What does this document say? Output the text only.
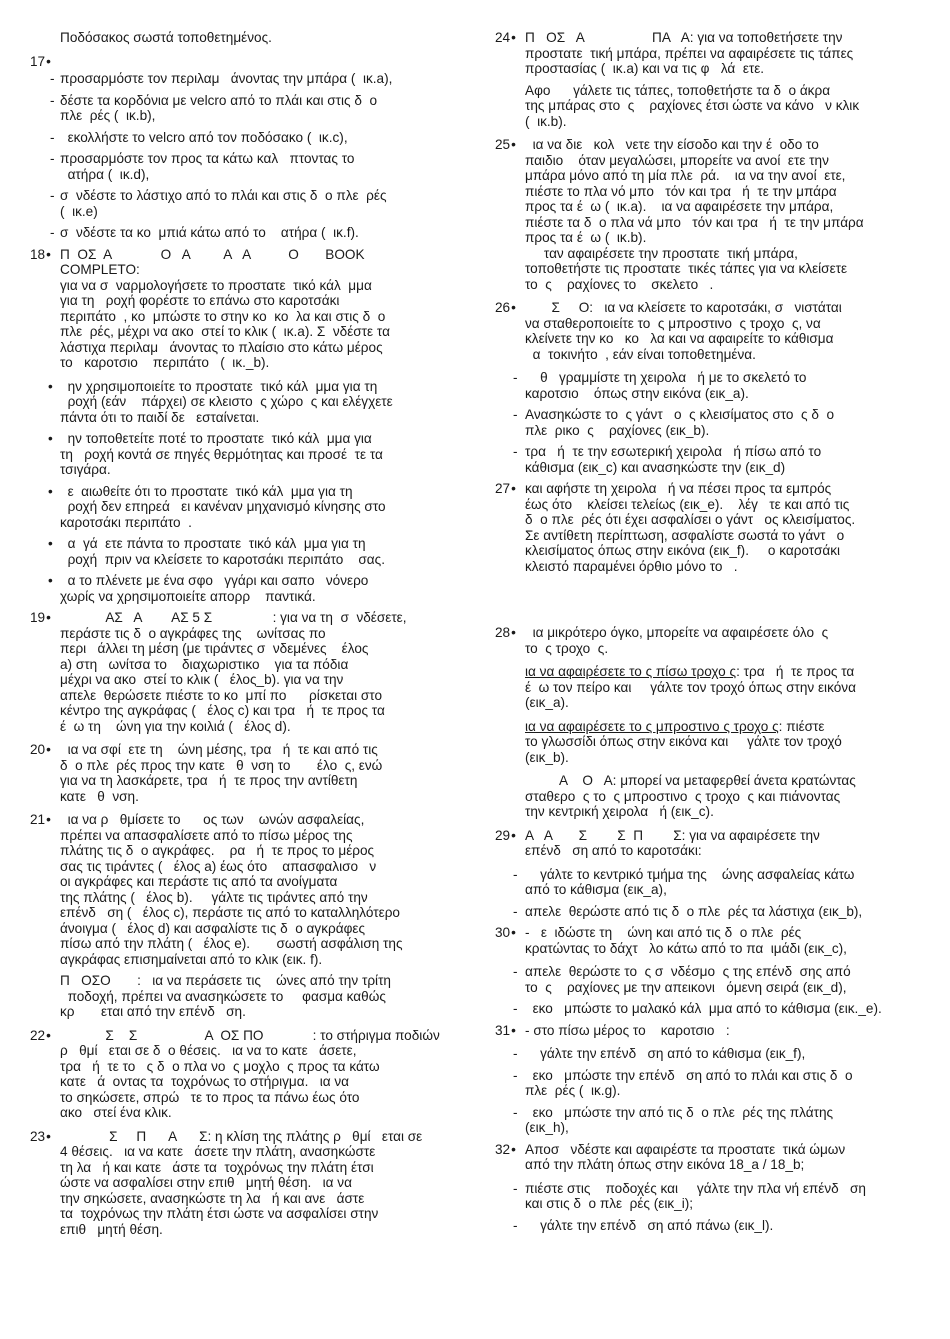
Ποδόσακος σωστά τοποθετημένος.
17 •
- προσαρμόστε τον περιλαμ   άνοντας την μπάρα (  ικ.a),
- δέστε τα κορδόνια με velcro από το πλάι και στις δ  ο
πλε  ρές (  ικ.b),
- εκολλήστε το velcro από τον ποδόσακο (  ικ.c),
- προσαρμόστε τον προς τα κάτω καλ   πτοντας το
ατήρα (  ικ.d),
- σ  νδέστε το λάστιχο από το πλάι και στις δ  ο πλε  ρές
(  ικ.e)
- σ  νδέστε τα κο  μπιά κάτω από το    ατήρα (  ικ.f).
18 •	Π  ΟΣ  Α             Ο   Α         Α   Α          Ο       BOOK
COMPLETO:
για να σ  ναρμολογήσετε το προστατε  τικό κάλ  μμα
για τη   ροχή φορέστε το επάνω στο καροτσάκι
περιπάτο  , κο  μπώστε το στην κο  κο  λα και στις δ  ο
πλε  ρές, μέχρι να ακο  στεί το κλικ (  ικ.a). Σ  νδέστε τα
λάστιχα περιλαμ   άνοντας το πλαίσιο στο κάτω μέρος
το   καροτσιο    περιπάτο   (  ικ._b).
•	ην χρησιμοποιείτε το προστατε  τικό κάλ  μμα για τη
ροχή (εάν    πάρχει) σε κλειστο  ς χώρο  ς και ελέγχετε
πάντα ότι το παιδί δε   εσταίνεται.
•	ην τοποθετείτε ποτέ το προστατε  τικό κάλ  μμα για
τη   ροχή κοντά σε πηγές θερμότητας και προσέ  τε τα
τσιγάρα.
•	ε  αιωθείτε ότι το προστατε  τικό κάλ  μμα για τη
ροχή δεν επηρεά   ει κανέναν μηχανισμό κίνησης στο
καροτσάκι περιπάτο  .
•	α  γά  ετε πάντα το προστατε  τικό κάλ  μμα για τη
ροχή  πριν να κλείσετε το καροτσάκι περιπάτο    σας.
•	α το πλένετε με ένα σφο   γγάρι και σαπο   νόνερο
χωρίς να χρησιμοποιείτε απορρ    παντικά.
19 •	ΑΣ   Α        ΑΣ 5 Σ                : για να τη  σ  νδέσετε,
περάστε τις δ  ο αγκράφες της    ωνίτσας πο
περι   άλλει τη μέση (με τιράντες σ  νδεμένες    έλος
a) στη   ωνίτσα το    διαχωριστικο    για τα πόδια
μέχρι να ακο  στεί το κλικ (   έλος_b). για να την
απελε  θερώσετε πιέστε το κο  μπί πο      ρίσκεται στο
κέντρο της αγκράφας (   έλος c) και τρα   ή  τε προς τα
έ  ω τη    ώνη για την κοιλιά (   έλος d).
20 •	ια να σφί  ετε τη    ώνη μέσης, τρα   ή  τε και από τις
δ  ο πλε  ρές προς την κατε   θ  νση το       έλο  ς, ενώ
για να τη λασκάρετε, τρα   ή  τε προς την αντίθετη
κατε   θ  νση.
21 •	ια να ρ   θμίσετε το      ος των    ωνών ασφαλείας,
πρέπει να απασφαλίσετε από το πίσω μέρος της
πλάτης τις δ  ο αγκράφες.    ρα   ή  τε προς το μέρος
σας τις τιράντες (   έλος a) έως ότο    απασφαλισο   ν
οι αγκράφες και περάστε τις από τα ανοίγματα
της πλάτης (   έλος b).     γάλτε τις τιράντες από την
επένδ   ση (   έλος c), περάστε τις από το καταλληλότερο
άνοιγμα (   έλος d) και ασφαλίστε τις δ  ο αγκράφες
πίσω από την πλάτη (   έλος e).       σωστή ασφάλιση της
αγκράφας επισημαίνεται από το κλικ (εικ. f).
Π   ΟΣΟ       :   ια να περάσετε τις    ώνες από την τρίτη
ποδοχή, πρέπει να ανασηκώσετε το     φασμα καθώς
κρ       εται από την επένδ   ση.
22 •	Σ    Σ                  Α  ΟΣ ΠΟ             : το στήριγμα ποδιών
ρ   θμί   εται σε δ  ο θέσεις.   ια να το κατε   άσετε,
τρα   ή  τε το   ς δ  ο πλα νο  ς μοχλο  ς προς τα κάτω
κατε   ά  οντας τα  τοχρόνως το στήριγμα.   ια να
το σηκώσετε, σπρώ   τε το προς τα πάνω έως ότο
ακο   στεί ένα κλικ.
23 •	Σ     Π      Α      Σ: η κλίση της πλάτης ρ   θμί   εται σε
4 θέσεις.   ια να κατε   άσετε την πλάτη, ανασηκώστε
τη λα   ή και κατε   άστε τα  τοχρόνως την πλάτη έτσι
ώστε να ασφαλίσει στην επιθ   μητή θέση.   ια να
την σηκώσετε, ανασηκώστε τη λα   ή και ανε   άστε
τα  τοχρόνως την πλάτη έτσι ώστε να ασφαλίσει στην
επιθ   μητή θέση.
24 •	Π   ΟΣ   Α                  ΠΑ   Α: για να τοποθετήσετε την
προστατε  τική μπάρα, πρέπει να αφαιρέσετε τις τάπες
προστασίας (  ικ.a) και να τις φ   λά  ετε.
Αφο      γάλετε τις τάπες, τοποθετήστε τα δ  ο άκρα
της μπάρας στο  ς    ραχίονες έτσι ώστε να κάνο   ν κλικ
(  ικ.b).
25 •	ια να διε   κολ   νετε την είσοδο και την έ  οδο το
παιδιο    όταν μεγαλώσει, μπορείτε να ανοί  ετε την
μπάρα μόνο από τη μία πλε  ρά.    ια να την ανοί  ετε,
πιέστε το πλα νό μπο   τόν και τρα   ή  τε την μπάρα
προς τα έ  ω (  ικ.a).    ια να αφαιρέσετε την μπάρα,
πιέστε τα δ  ο πλα νά μπο   τόν και τρα   ή  τε την μπάρα
προς τα έ  ω (  ικ.b).
ταν αφαιρέσετε την προστατε  τική μπάρα,
τοποθετήστε τις προστατε  τικές τάπες για να κλείσετε
το  ς    ραχίονες το    σκελετο   .
26 •	Σ     Ο:   ια να κλείσετε το καροτσάκι, σ   νιστάται
να σταθεροποιείτε το  ς μπροστινο  ς τροχο  ς, να
κλείνετε την κο   κο   λα και να αφαιρείτε το κάθισμα
α  τοκινήτο  , εάν είναι τοποθετημένα.
-	θ   γραμμίστε τη χειρολα   ή με το σκελετό το
καροτσιο    όπως στην εικόνα (εικ_a).
- Ανασηκώστε το  ς γάντ   ο  ς κλεισίματος στο  ς δ  ο
πλε  ρικο  ς    ραχίονες (εικ_b).
- τρα   ή  τε την εσωτερική χειρολα   ή πίσω από το
κάθισμα (εικ_c) και ανασηκώστε την (εικ_d)
27 •	και αφήστε τη χειρολα   ή να πέσει προς τα εμπρός
έως ότο    κλείσει τελείως (εικ_e).    λέγ   τε και από τις
δ  ο πλε  ρές ότι έχει ασφαλίσει ο γάντ   ος κλεισίματος.
Σε αντίθετη περίπτωση, ασφαλίστε σωστά το γάντ   ο
κλεισίματος όπως στην εικόνα (εικ_f).     ο καροτσάκι
κλειστό παραμένει όρθιο μόνο το   .
28 •	ια μικρότερο όγκο, μπορείτε να αφαιρέσετε όλο  ς
το  ς τροχο  ς.
ια να αφαιρέσετε το ς πίσω τροχο ς: τρα   ή  τε προς τα
έ  ω τον πείρο και     γάλτε τον τροχό όπως στην εικόνα
(εικ_a).
ια να αφαιρέσετε το ς μπροστινο ς τροχο ς: πιέστε
το γλωσσίδι όπως στην εικόνα και     γάλτε τον τροχό
(εικ_b).
Α    Ο   Α: μπορεί να μεταφερθεί άνετα κρατώντας
σταθερο  ς το  ς μπροστινο  ς τροχο  ς και πιάνοντας
την κεντρική χειρολα   ή (εικ_c).
29 •	Α   Α       Σ        Σ  Π        Σ: για να αφαιρέσετε την
επένδ   ση από το καροτσάκι:
-	γάλτε το κεντρικό τμήμα της    ώνης ασφαλείας κάτω
από το κάθισμα (εικ_a),
- απελε  θερώστε από τις δ  ο πλε  ρές τα λάστιχα (εικ_b),
30 •	-   ε  ιδώστε τη    ώνη και από τις δ  ο πλε  ρές
κρατώντας το δάχτ   λο κάτω από το πα  ιμάδι (εικ_c),
- απελε  θερώστε το  ς σ  νδέσμο  ς της επένδ  σης από
το  ς    ραχίονες με την απεικονι   όμενη σειρά (εικ_d),
- εκο   μπώστε το μαλακό κάλ  μμα από το κάθισμα (εικ._e).
31 •	- στο πίσω μέρος το    καροτσιο   :
- γάλτε την επένδ   ση από το κάθισμα (εικ_f),
-	εκο   μπώστε την επένδ   ση από το πλάι και στις δ  ο
πλε  ρές (  ικ.g).
-	εκο   μπώστε την από τις δ  ο πλε  ρές της πλάτης
(εικ_h),
32 •	Αποσ   νδέστε και αφαιρέστε τα προστατε  τικά ώμων
από την πλάτη όπως στην εικόνα 18_a / 18_b;
- πιέστε στις    ποδοχές και     γάλτε την πλα νή επένδ   ση
και στις δ  ο πλε  ρές (εικ_i);
- γάλτε την επένδ   ση από πάνω (εικ_l).
